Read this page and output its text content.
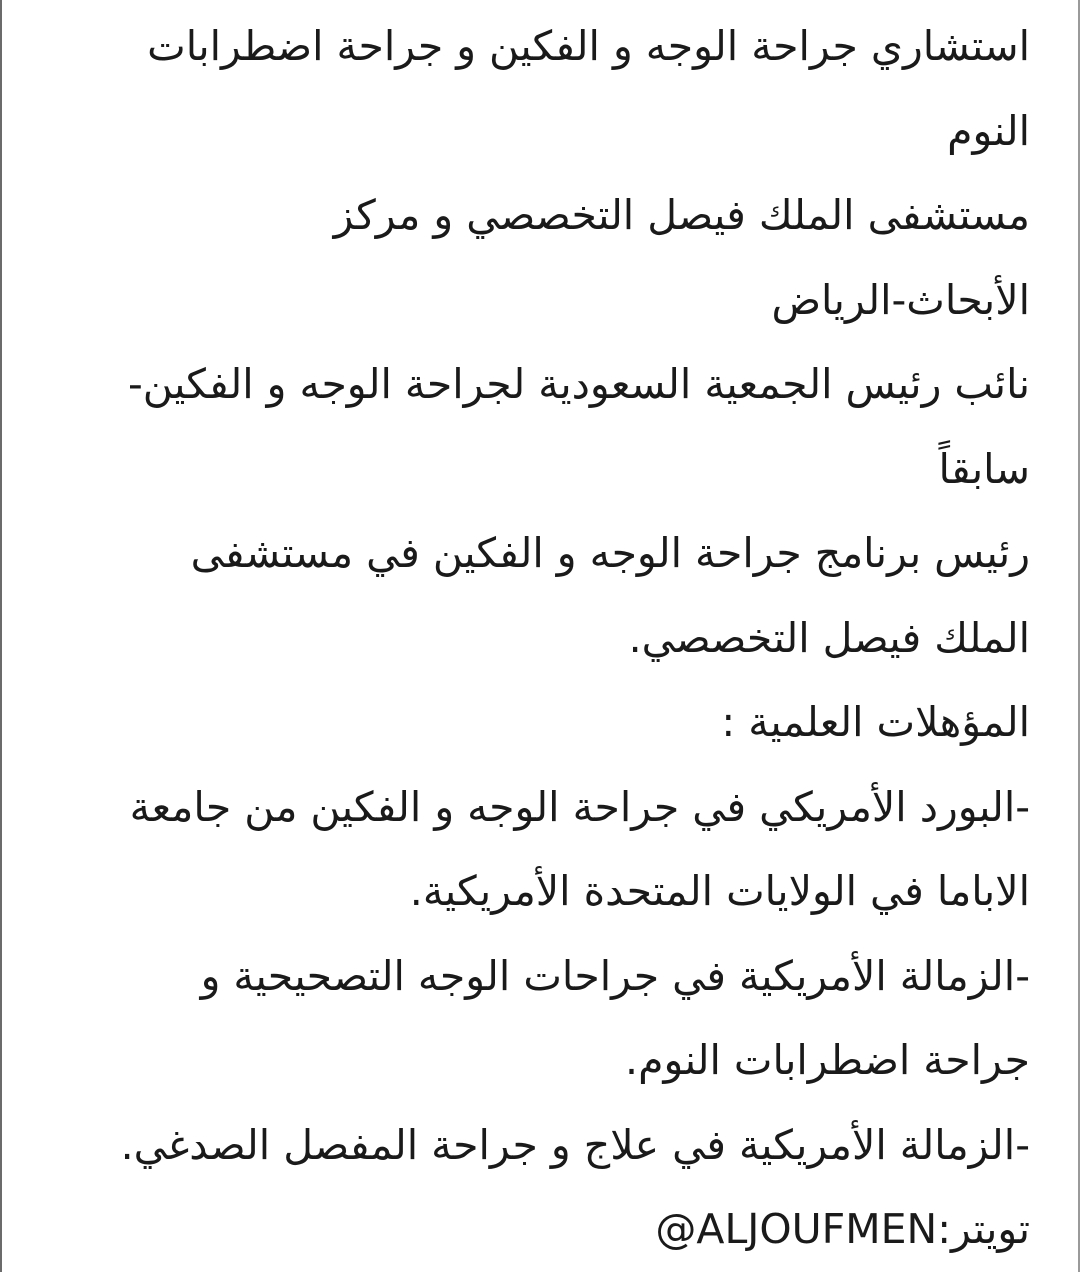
استشاري جراحة الوجه و الفكين و جراحة اضطرابات
النوم
مستشفى الملك فيصل التخصصي و مركز
الأبحاث-الرياض
نائب رئيس الجمعية السعودية لجراحة الوجه و الفكين-
سابقاً
رئيس برنامج جراحة الوجه و الفكين في مستشفى
الملك فيصل التخصصي.
المؤهلات العلمية :
-البورد الأمريكي في جراحة الوجه و الفكين من جامعة
الاباما في الولايات المتحدة الأمريكية.
-الزمالة الأمريكية في جراحات الوجه التصحيحية و
جراحة اضطرابات النوم.
-الزمالة الأمريكية في علاج و جراحة المفصل الصدغي.
تويتر:@ALJOUFMEN
